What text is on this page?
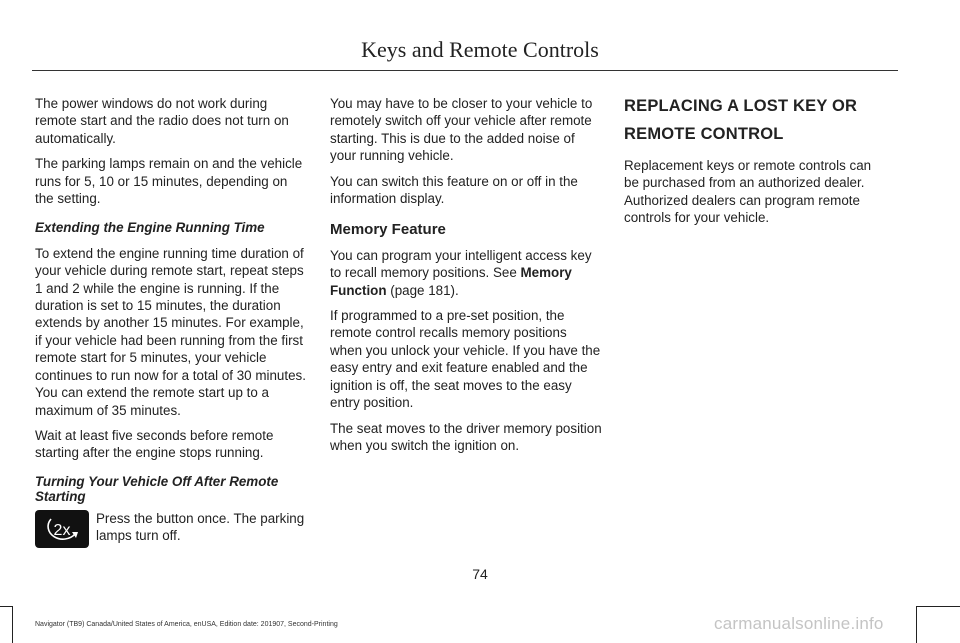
Keys and Remote Controls

The power windows do not work during remote start and the radio does not turn on automatically.

The parking lamps remain on and the vehicle runs for 5, 10 or 15 minutes, depending on the setting.

Extending the Engine Running Time

To extend the engine running time duration of your vehicle during remote start, repeat steps 1 and 2 while the engine is running. If the duration is set to 15 minutes, the duration extends by another 15 minutes. For example, if your vehicle had been running from the first remote start for 5 minutes, your vehicle continues to run now for a total of 30 minutes. You can extend the remote start up to a maximum of 35 minutes.

Wait at least five seconds before remote starting after the engine stops running.

Turning Your Vehicle Off After Remote Starting

2x

Press the button once. The parking lamps turn off.

You may have to be closer to your vehicle to remotely switch off your vehicle after remote starting. This is due to the added noise of your running vehicle.

You can switch this feature on or off in the information display.

Memory Feature

You can program your intelligent access key to recall memory positions. See Memory Function (page 181).

If programmed to a pre-set position, the remote control recalls memory positions when you unlock your vehicle. If you have the easy entry and exit feature enabled and the ignition is off, the seat moves to the easy entry position.

The seat moves to the driver memory position when you switch the ignition on.

REPLACING A LOST KEY OR
REMOTE CONTROL

Replacement keys or remote controls can be purchased from an authorized dealer. Authorized dealers can program remote controls for your vehicle.

74
Navigator (TB9) Canada/United States of America, enUSA, Edition date: 201907, Second-Printing	carmanualsonline.info
